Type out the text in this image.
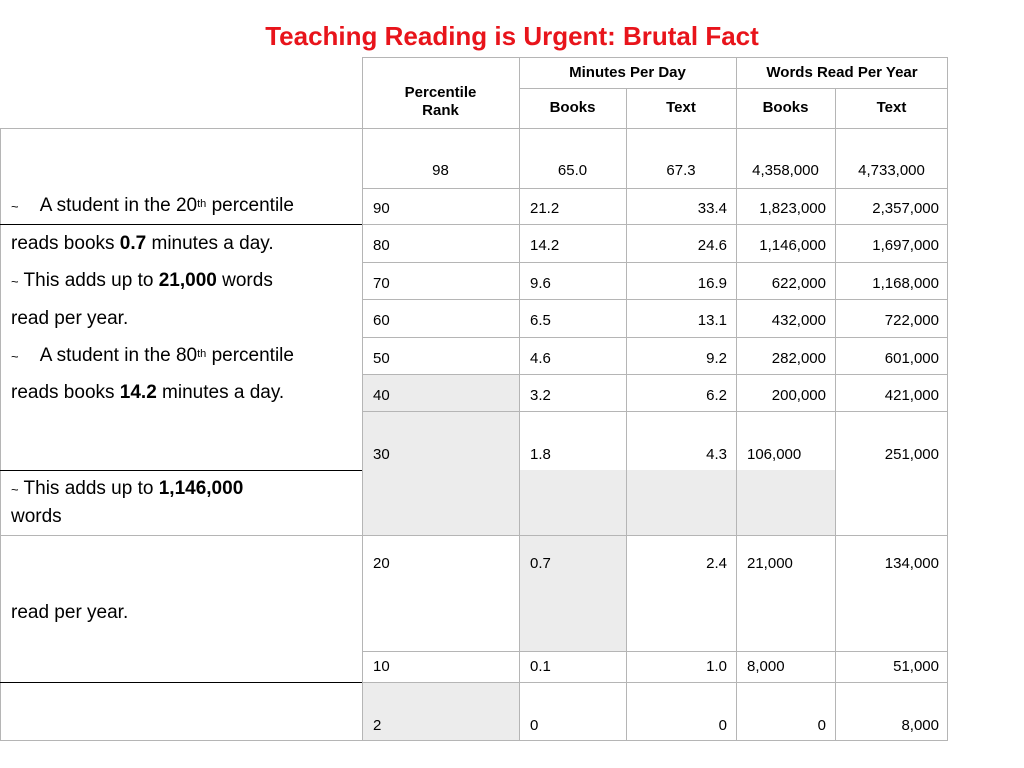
Teaching Reading is Urgent: Brutal Fact
Percentile
Rank
Minutes Per Day	Words Read Per Year
Books	Text	Books	Text
98	65.0	67.3	4,358,000	4,733,000
90	21.2	33.4	1,823,000	2,357,000
80	14.2	24.6	1,146,000	1,697,000
70	9.6	16.9	622,000	1,168,000
60	6.5	13.1	432,000	722,000
50	4.6	9.2	282,000	601,000
40	3.2	6.2	200,000	421,000
30	1.8	4.3	106,000	251,000
20	0.7	2.4	21,000	134,000
10	0.1	1.0	8,000	51,000
2	0	0	0	8,000
~ A student in the 20th percentile
reads books 0.7 minutes a day.
~ This adds up to 21,000 words
read per year.
~ A student in the 80th percentile
reads books 14.2 minutes a day.
~ This adds up to 1,146,000
words
read per year.
